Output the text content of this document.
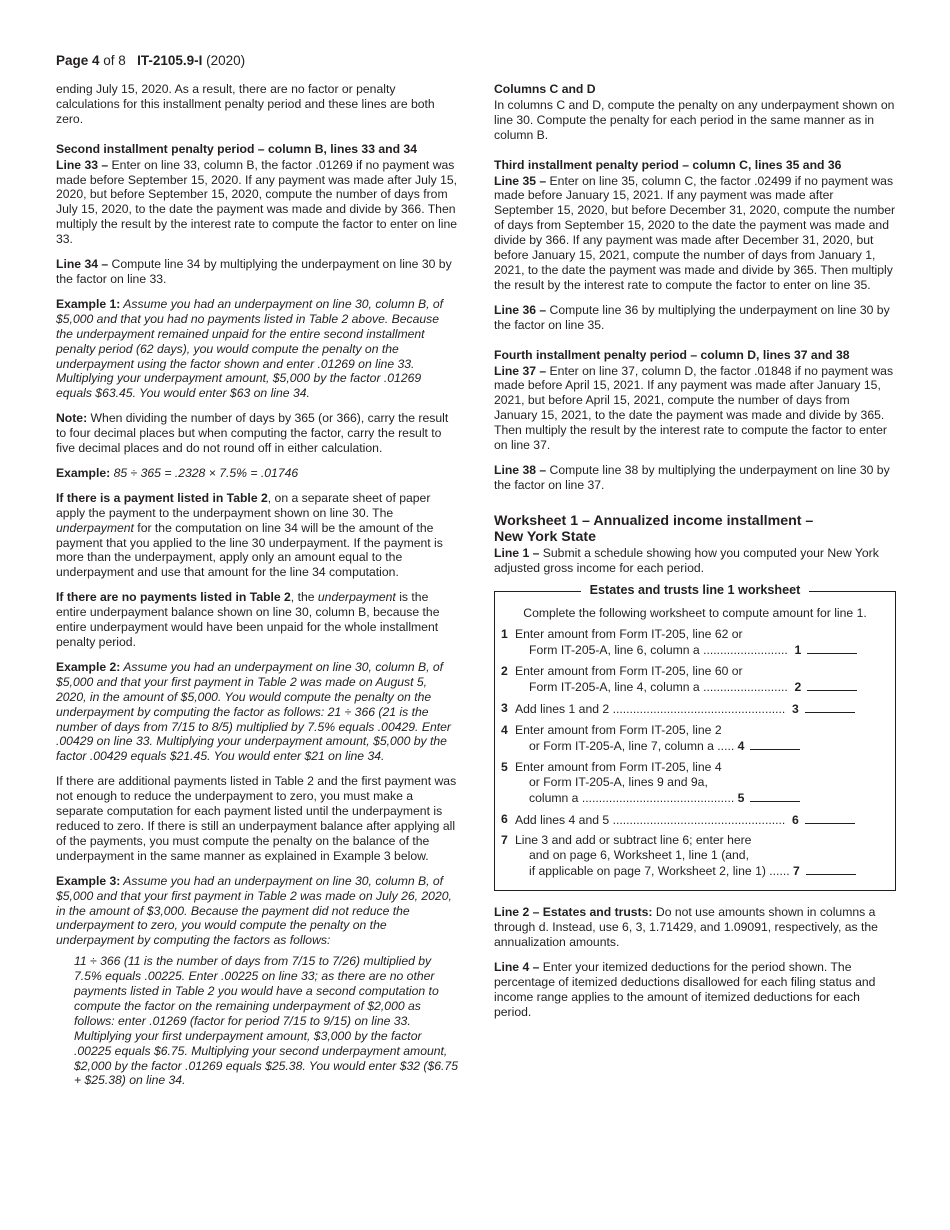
Page 4 of 8 IT-2105.9-I (2020)

ending July 15, 2020. As a result, there are no factor or penalty calculations for this installment penalty period and these lines are both zero.

Second installment penalty period – column B, lines 33 and 34

Line 33 – Enter on line 33, column B, the factor .01269 if no payment was made before September 15, 2020. If any payment was made after July 15, 2020, but before September 15, 2020, compute the number of days from July 15, 2020, to the date the payment was made and divide by 366. Then multiply the result by the interest rate to compute the factor to enter on line 33.

Line 34 – Compute line 34 by multiplying the underpayment on line 30 by the factor on line 33.

Example 1: Assume you had an underpayment on line 30, column B, of $5,000 and that you had no payments listed in Table 2 above. Because the underpayment remained unpaid for the entire second installment penalty period (62 days), you would compute the penalty on the underpayment using the factor shown and enter .01269 on line 33. Multiplying your underpayment amount, $5,000 by the factor .01269 equals $63.45. You would enter $63 on line 34.

Note: When dividing the number of days by 365 (or 366), carry the result to four decimal places but when computing the factor, carry the result to five decimal places and do not round off in either calculation.

Example: 85 ÷ 365 = .2328 × 7.5% = .01746

If there is a payment listed in Table 2, on a separate sheet of paper apply the payment to the underpayment shown on line 30. The underpayment for the computation on line 34 will be the amount of the payment that you applied to the line 30 underpayment. If the payment is more than the underpayment, apply only an amount equal to the underpayment and use that amount for the line 34 computation.

If there are no payments listed in Table 2, the underpayment is the entire underpayment balance shown on line 30, column B, because the entire underpayment would have been unpaid for the whole installment penalty period.

Example 2: Assume you had an underpayment on line 30, column B, of $5,000 and that your first payment in Table 2 was made on August 5, 2020, in the amount of $5,000. You would compute the penalty on the underpayment by computing the factor as follows: 21 ÷ 366 (21 is the number of days from 7/15 to 8/5) multiplied by 7.5% equals .00429. Enter .00429 on line 33. Multiplying your underpayment amount, $5,000 by the factor .00429 equals $21.45. You would enter $21 on line 34.

If there are additional payments listed in Table 2 and the first payment was not enough to reduce the underpayment to zero, you must make a separate computation for each payment listed until the underpayment is reduced to zero. If there is still an underpayment balance after applying all of the payments, you must compute the penalty on the balance of the underpayment in the same manner as explained in Example 3 below.

Example 3: Assume you had an underpayment on line 30, column B, of $5,000 and that your first payment in Table 2 was made on July 26, 2020, in the amount of $3,000. Because the payment did not reduce the underpayment to zero, you would compute the penalty on the underpayment by computing the factors as follows:

11 ÷ 366 (11 is the number of days from 7/15 to 7/26) multiplied by 7.5% equals .00225. Enter .00225 on line 33; as there are no other payments listed in Table 2 you would have a second computation to compute the factor on the remaining underpayment of $2,000 as follows: enter .01269 (factor for period 7/15 to 9/15) on line 33. Multiplying your first underpayment amount, $3,000 by the factor .00225 equals $6.75. Multiplying your second underpayment amount, $2,000 by the factor .01269 equals $25.38. You would enter $32 ($6.75 + $25.38) on line 34.

Columns C and D

In columns C and D, compute the penalty on any underpayment shown on line 30. Compute the penalty for each period in the same manner as in column B.

Third installment penalty period – column C, lines 35 and 36

Line 35 – Enter on line 35, column C, the factor .02499 if no payment was made before January 15, 2021. If any payment was made after September 15, 2020, but before December 31, 2020, compute the number of days from September 15, 2020 to the date the payment was made and divide by 366. If any payment was made after December 31, 2020, but before January 15, 2021, compute the number of days from January 1, 2021, to the date the payment was made and divide by 365. Then multiply the result by the interest rate to compute the factor to enter on line 35.

Line 36 – Compute line 36 by multiplying the underpayment on line 30 by the factor on line 35.

Fourth installment penalty period – column D, lines 37 and 38

Line 37 – Enter on line 37, column D, the factor .01848 if no payment was made before April 15, 2021. If any payment was made after January 15, 2021, but before April 15, 2021, compute the number of days from January 15, 2021, to the date the payment was made and divide by 365. Then multiply the result by the interest rate to compute the factor to enter on line 37.

Line 38 – Compute line 38 by multiplying the underpayment on line 30 by the factor on line 37.

Worksheet 1 – Annualized income installment –
New York State

Line 1 – Submit a schedule showing how you computed your New York adjusted gross income for each period.

Estates and trusts line 1 worksheet
Complete the following worksheet to compute amount for line 1.
1 Enter amount from Form IT-205, line 62 or
Form IT-205-A, line 6, column a ......................... 1
2 Enter amount from Form IT-205, line 60 or
Form IT-205-A, line 4, column a ......................... 2
3 Add lines 1 and 2 ................................................... 3
4 Enter amount from Form IT-205, line 2
or Form IT-205-A, line 7, column a ..... 4
5 Enter amount from Form IT-205, line 4
or Form IT-205-A, lines 9 and 9a,
column a ............................................. 5
6 Add lines 4 and 5 ................................................... 6
7 Line 3 and add or subtract line 6; enter here
and on page 6, Worksheet 1, line 1 (and,
if applicable on page 7, Worksheet 2, line 1) ...... 7

Line 2 – Estates and trusts: Do not use amounts shown in columns a through d. Instead, use 6, 3, 1.71429, and 1.09091, respectively, as the annualization amounts.

Line 4 – Enter your itemized deductions for the period shown. The percentage of itemized deductions disallowed for each filing status and income range applies to the amount of itemized deductions for each period.
